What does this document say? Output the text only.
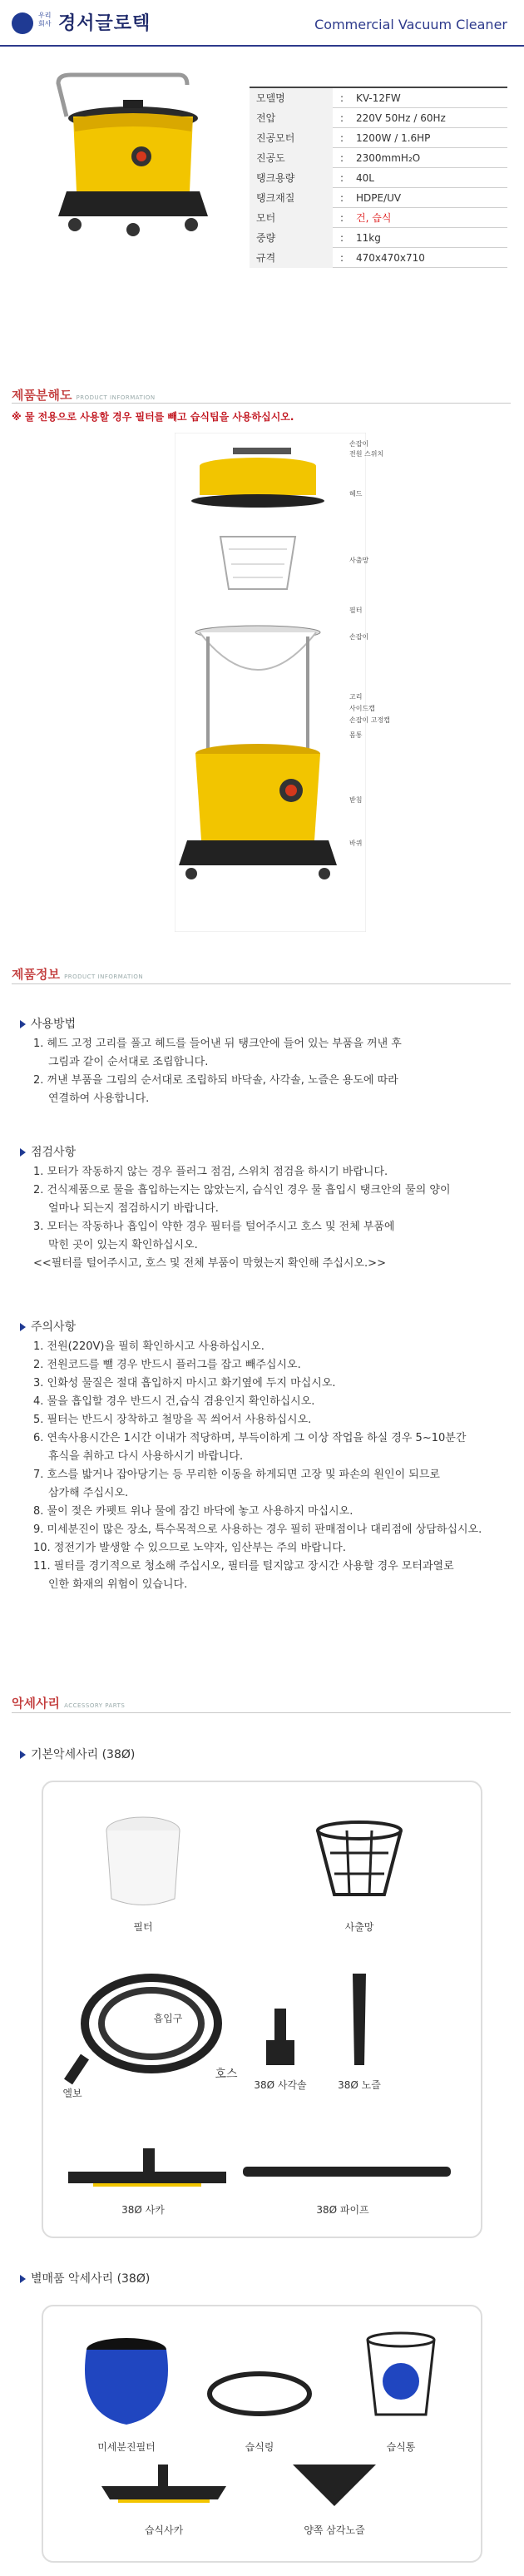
우리회사 경서글로텍	Commercial Vacuum Cleaner
모델명	:	KV-12FW
전압	:	220V 50Hz / 60Hz
진공모터	:	1200W / 1.6HP
진공도	:	2300mmH₂O
탱크용량	:	40L
탱크재질	:	HDPE/UV
모터	:	건, 습식
중량	:	11kg
규격	:	470x470x710
제품분해도 PRODUCT INFORMATION
※ 물 전용으로 사용할 경우 필터를 빼고 습식팁을 사용하십시오.
손잡이
전원 스위치
헤드
사출망
필터
손잡이
고리
사이드캡
손잡이 고정캡
몸통
받침
바퀴
제품정보 PRODUCT INFORMATION
사용방법
1. 헤드 고정 고리를 풀고 헤드를 들어낸 뒤 탱크안에 들어 있는 부품을 꺼낸 후
그림과 같이 순서대로 조립합니다.
2. 꺼낸 부품을 그림의 순서대로 조립하되 바닥솔, 사각솔, 노즐은 용도에 따라
연결하여 사용합니다.
점검사항
1. 모터가 작동하지 않는 경우 플러그 점검, 스위치 점검을 하시기 바랍니다.
2. 건식제품으로 물을 흡입하는지는 않았는지, 습식인 경우 물 흡입시 탱크안의 물의 양이
얼마나 되는지 점검하시기 바랍니다.
3. 모터는 작동하나 흡입이 약한 경우 필터를 털어주시고 호스 및 전체 부품에
막힌 곳이 있는지 확인하십시오.
<<필터를 털어주시고, 호스 및 전체 부품이 막혔는지 확인해 주십시오.>>
주의사항
1. 전원(220V)을 필히 확인하시고 사용하십시오.
2. 전원코드를 뺄 경우 반드시 플러그를 잡고 빼주십시오.
3. 인화성 물질은 절대 흡입하지 마시고 화기옆에 두지 마십시오.
4. 물을 흡입할 경우 반드시 건,습식 겸용인지 확인하십시오.
5. 필터는 반드시 장착하고 철망을 꼭 씌어서 사용하십시오.
6. 연속사용시간은 1시간 이내가 적당하며, 부득이하게 그 이상 작업을 하실 경우 5~10분간
휴식을 취하고 다시 사용하시기 바랍니다.
7. 호스를 밟거나 잡아당기는 등 무리한 이동을 하게되면 고장 및 파손의 원인이 되므로
삼가해 주십시오.
8. 물이 젖은 카펫트 위나 물에 잠긴 바닥에 놓고 사용하지 마십시오.
9. 미세분진이 많은 장소, 특수목적으로 사용하는 경우 필히 판매점이나 대리점에 상담하십시오.
10. 정전기가 발생할 수 있으므로 노약자, 임산부는 주의 바랍니다.
11. 필터를 경기적으로 청소해 주십시오, 필터를 털지않고 장시간 사용할 경우 모터과열로
인한 화재의 위험이 있습니다.
악세사리 ACCESSORY PARTS
기본악세사리 (38Ø)
필터	사출망
흡입구
호스
엘보
38Ø 사각솔	38Ø 노즐
38Ø 사카	38Ø 파이프
별매품 악세사리 (38Ø)
미세분진필터	습식링	습식통
습식사카	양쪽 삼각노즐
